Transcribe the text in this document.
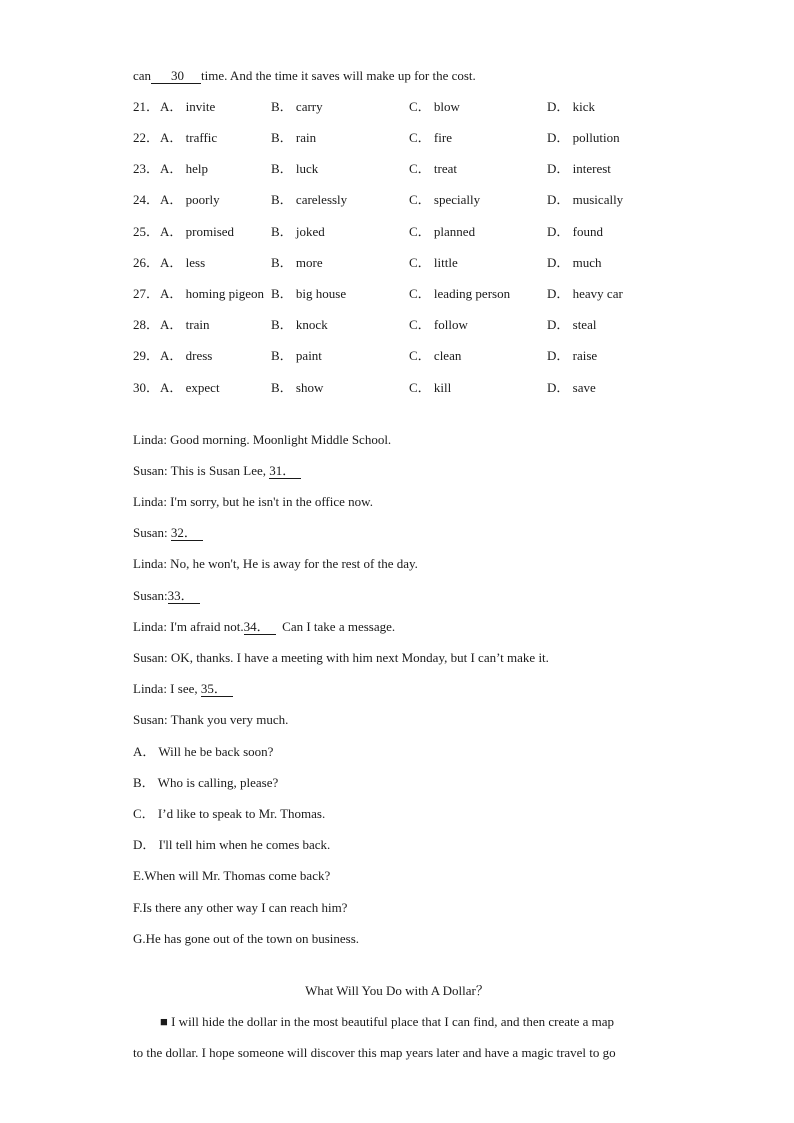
can 30 time. And the time it saves will make up for the cost.
21． A． invite	B． carry	C． blow	D． kick
22． A． traffic	B． rain	C． fire	D． pollution
23． A． help	B． luck	C． treat	D． interest
24． A． poorly	B． carelessly	C． specially	D． musically
25． A． promised	B． joked	C． planned	D． found
26． A． less	B． more	C． little	D． much
27． A． homing pigeon B． big house	C． leading person	D． heavy car
28． A． train	B． knock	C． follow	D． steal
29． A． dress	B． paint	C． clean	D． raise
30． A． expect	B． show	C． kill	D． save
Linda: Good morning. Moonlight Middle School.
Susan: This is Susan Lee, 31．
Linda: I'm sorry, but he isn't in the office now.
Susan: 32．
Linda: No, he won't, He is away for the rest of the day.
Susan:33．
Linda: I'm afraid not.34．  Can I take a message.
Susan: OK, thanks. I have a meeting with him next Monday, but I can’t make it.
Linda: I see, 35．
Susan: Thank you very much.
A． Will he be back soon?
B． Who is calling, please?
C． I’d like to speak to Mr. Thomas.
D． I'll tell him when he comes back.
E.When will Mr. Thomas come back?
F.Is there any other way I can reach him?
G.He has gone out of the town on business.
What Will You Do with A Dollar？
■ I will hide the dollar in the most beautiful place that I can find, and then create a map
to the dollar. I hope someone will discover this map years later and have a magic travel to go
